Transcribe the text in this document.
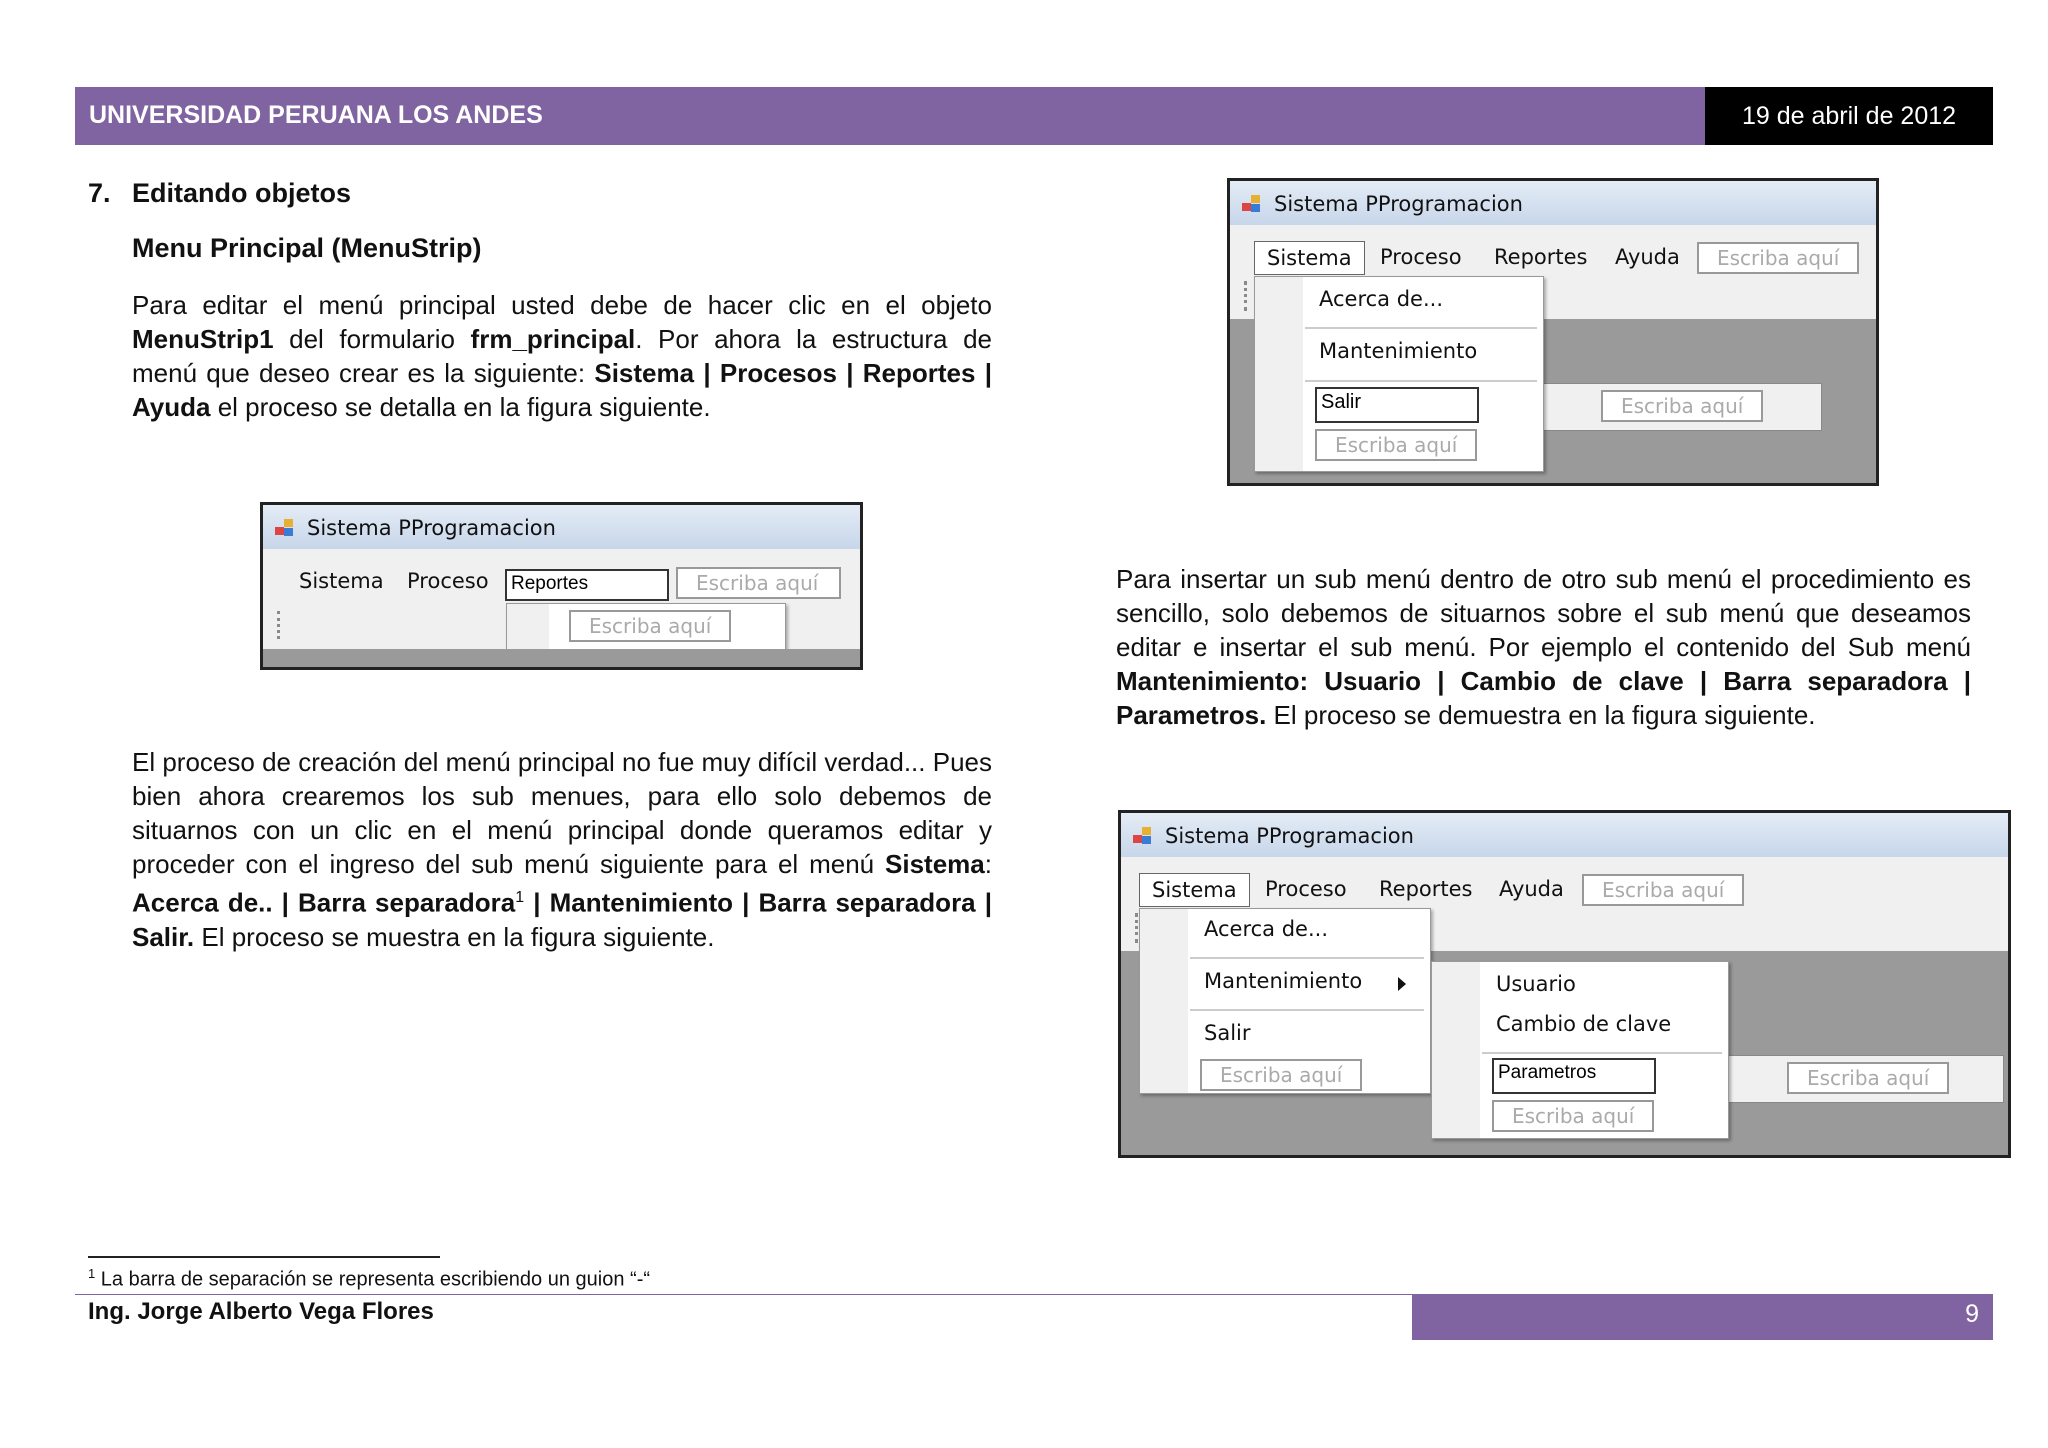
UNIVERSIDAD PERUANA LOS ANDES	19 de abril de 2012
7. Editando objetos
Menu Principal (MenuStrip)
Para editar el menú principal usted debe de hacer clic en el objeto MenuStrip1 del formulario frm_principal. Por ahora la estructura de menú que deseo crear es la siguiente: Sistema | Procesos | Reportes | Ayuda el proceso se detalla en la figura siguiente.
Sistema PProgramacion
Sistema Proceso
Escriba aquí
Reportes	Escriba aquí
El proceso de creación del menú principal no fue muy difícil verdad... Pues bien ahora crearemos los sub menues, para ello solo debemos de situarnos con un clic en el menú principal donde queramos editar y proceder con el ingreso del sub menú siguiente para el menú Sistema: Acerca de.. | Barra separadora$^1$ | Mantenimiento | Barra separadora | Salir. El proceso se muestra en la figura siguiente.
Sistema PProgramacion
Sistema	Proceso Reportes Ayuda	Escriba aquí
Escriba aquí
Acerca de...
Mantenimiento
Salir
Escriba aquí
Para insertar un sub menú dentro de otro sub menú el procedimiento es sencillo, solo debemos de situarnos sobre el sub menú que deseamos editar e insertar el sub menú. Por ejemplo el contenido del Sub menú Mantenimiento: Usuario | Cambio de clave | Barra separadora | Parametros. El proceso se demuestra en la figura siguiente.
Sistema PProgramacion
Sistema	Proceso Reportes Ayuda	Escriba aquí
Escriba aquí
Acerca de...
Mantenimiento
Salir
Escriba aquí
Usuario
Cambio de clave
Parametros
Escriba aquí
$^1$ La barra de separación se representa escribiendo un guion “-“
Ing. Jorge Alberto Vega Flores	9
